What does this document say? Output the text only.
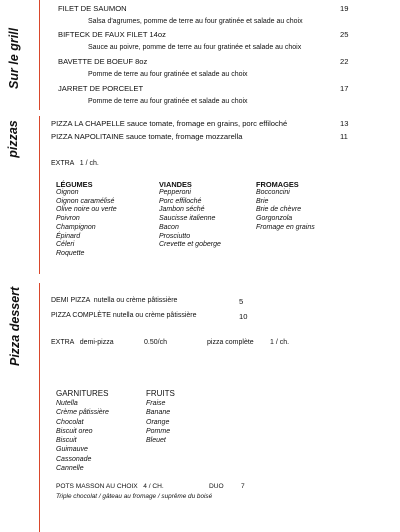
Sur le grill
pizzas
Pizza dessert
FILET DE SAUMON	19
Salsa d'agrumes, pomme de terre au four gratinée et salade au choix
BIFTECK DE FAUX FILET 14oz	25
Sauce au poivre, pomme de terre au four gratinée et salade au choix
BAVETTE DE BOEUF 8oz	22
Pomme de terre au four gratinée et salade au choix
JARRET DE PORCELET	17
Pomme de terre au four gratinée et salade au choix
PIZZA LA CHAPELLE sauce tomate, fromage en grains, porc effiloché	13
PIZZA NAPOLITAINE sauce tomate, fromage mozzarella	11
EXTRA   1 / ch.
LÉGUMES
Oignon
Oignon caramélisé
Olive noire ou verte
Poivron
Champignon
Épinard
Céleri
Roquette
VIANDES
Pepperoni
Porc effiloché
Jambon séché
Saucisse italienne
Bacon
Prosciutto
Crevette et goberge
FROMAGES
Bocconcini
Brie
Brie de chèvre
Gorgonzola
Fromage en grains
DEMI PIZZA  nutella ou crème pâtissière	5
PIZZA COMPLÈTE nutella ou crème pâtissière	10
EXTRA   demi-pizza	0.50/ch	pizza complète 1 / ch.
GARNITURES
Nutella
Crème pâtissière
Chocolat
Biscuit oreo
Biscuit
Guimauve
Cassonade
Cannelle
FRUITS
Fraise
Banane
Orange
Pomme
Bleuet
POTS MASSON AU CHOIX   4 / CH.	DUO	7
Triple chocolat / gâteau au fromage / suprême du boisé
